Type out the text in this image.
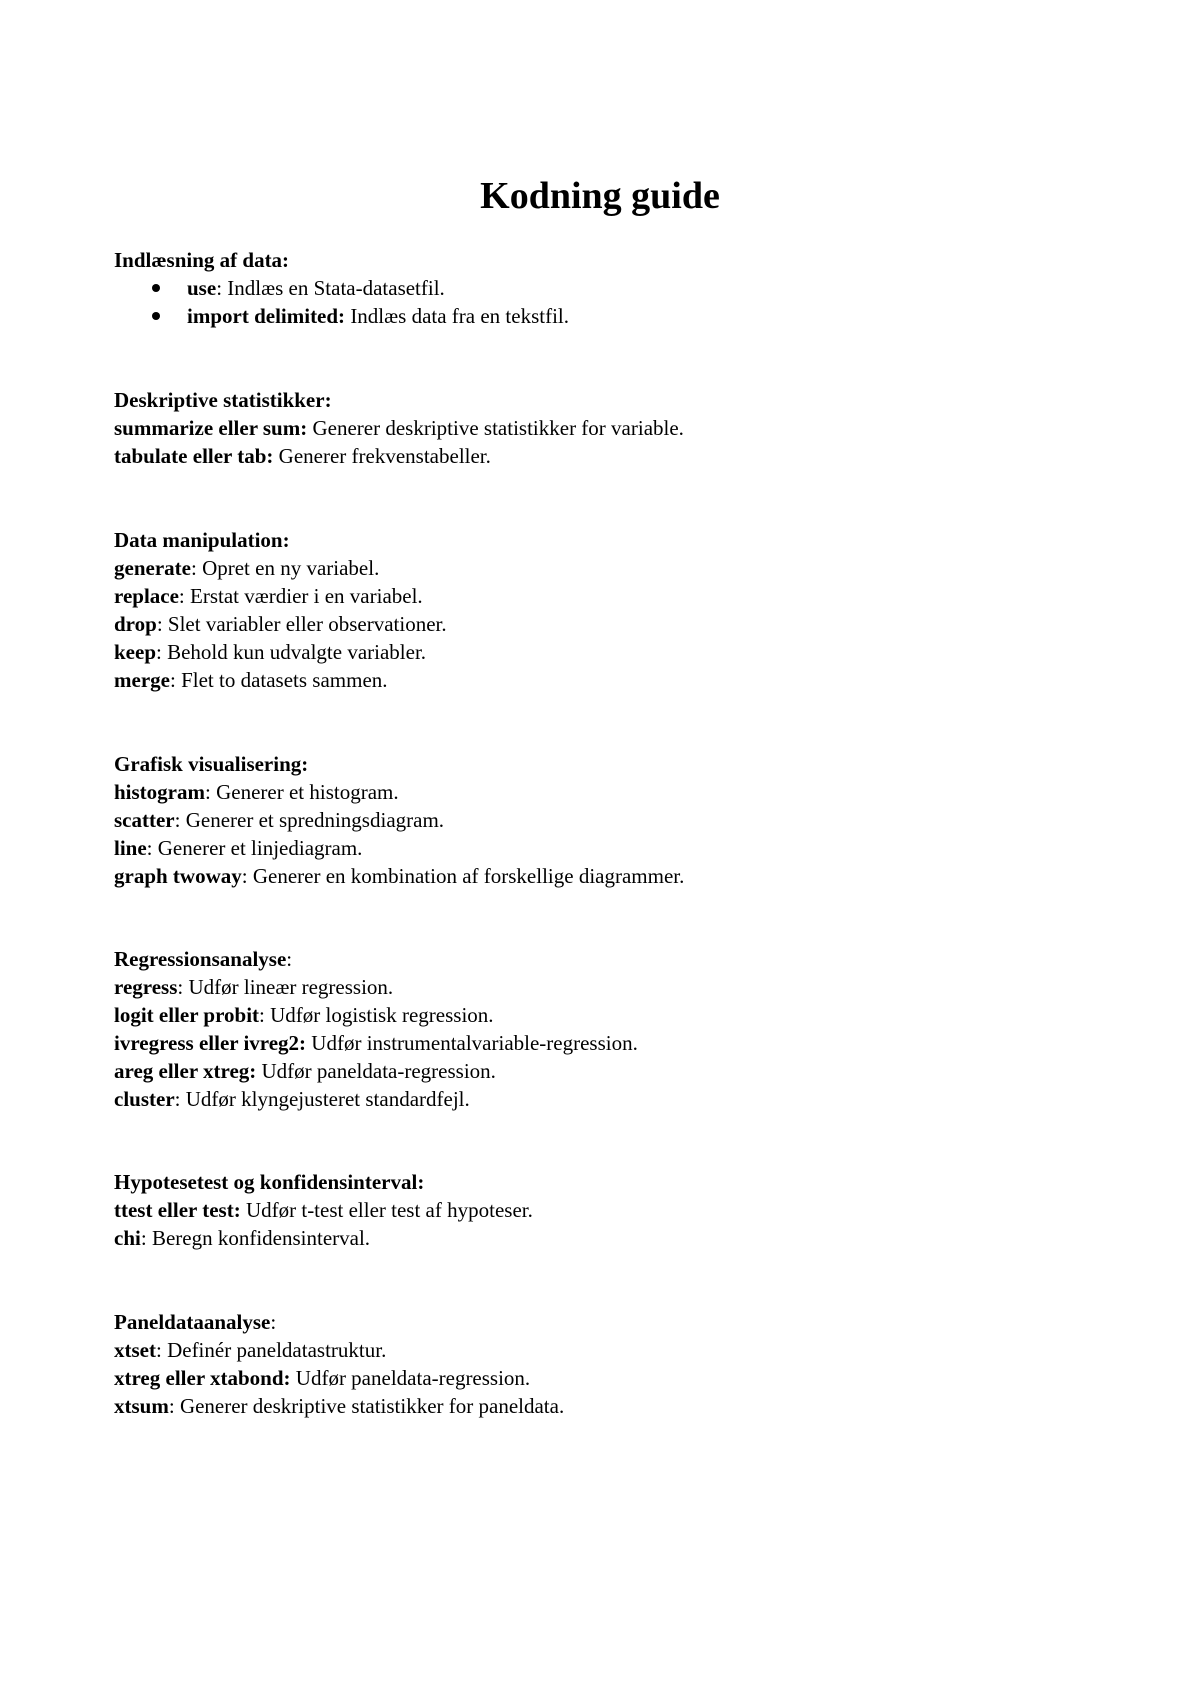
Kodning guide
Indlæsning af data:
use: Indlæs en Stata-datasetfil.
import delimited: Indlæs data fra en tekstfil.
Deskriptive statistikker:
summarize eller sum: Generer deskriptive statistikker for variable.
tabulate eller tab: Generer frekvenstabeller.
Data manipulation:
generate: Opret en ny variabel.
replace: Erstat værdier i en variabel.
drop: Slet variabler eller observationer.
keep: Behold kun udvalgte variabler.
merge: Flet to datasets sammen.
Grafisk visualisering:
histogram: Generer et histogram.
scatter: Generer et spredningsdiagram.
line: Generer et linjediagram.
graph twoway: Generer en kombination af forskellige diagrammer.
Regressionsanalyse:
regress: Udfør lineær regression.
logit eller probit: Udfør logistisk regression.
ivregress eller ivreg2: Udfør instrumentalvariable-regression.
areg eller xtreg: Udfør paneldata-regression.
cluster: Udfør klyngejusteret standardfejl.
Hypotesetest og konfidensinterval:
ttest eller test: Udfør t-test eller test af hypoteser.
chi: Beregn konfidensinterval.
Paneldataanalyse:
xtset: Definér paneldatastruktur.
xtreg eller xtabond: Udfør paneldata-regression.
xtsum: Generer deskriptive statistikker for paneldata.
